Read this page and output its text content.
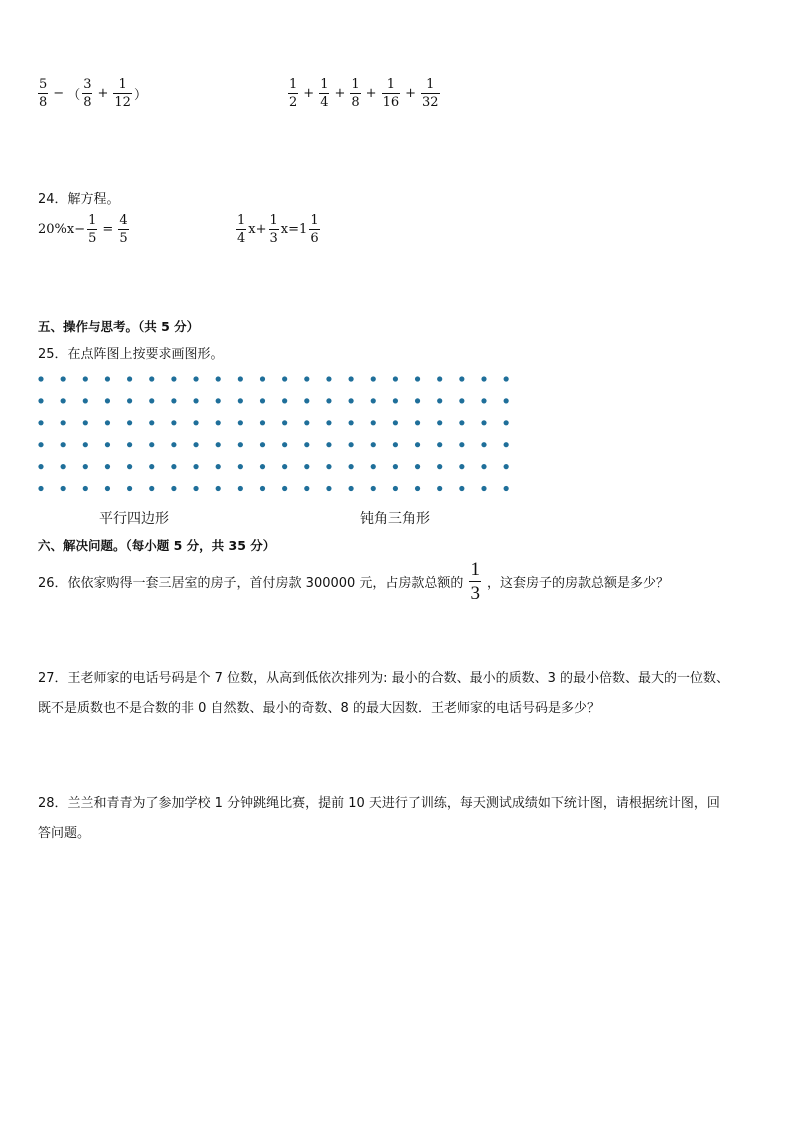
$\frac{5}{8}$ − （ $\frac{3}{8} + \frac{1}{12}$ ）	$\frac{1}{2} + \frac{1}{4} + \frac{1}{8} + \frac{1}{16} + \frac{1}{32}$
24．解方程。
$20\%x- \frac{1}{5} = \frac{4}{5}$	$\frac{1}{4} x+ \frac{1}{3} x= 1 \frac{1}{6}$
五、操作与思考。（共 5 分）
25．在点阵图上按要求画图形。
平行四边形	钝角三角形
六、解决问题。（每小题 5 分，共 35 分）
26．依依家购得一套三居室的房子，首付房款 300000 元，占房款总额的 $\frac{1}{3}$ ，这套房子的房款总额是多少？
27．王老师家的电话号码是个 7 位数，从高到低依次排列为: 最小的合数、最小的质数、3 的最小倍数、最大的一位数、
既不是质数也不是合数的非 0 自然数、最小的奇数、8 的最大因数．王老师家的电话号码是多少？
28．兰兰和青青为了参加学校 1 分钟跳绳比赛，提前 10 天进行了训练，每天测试成绩如下统计图，请根据统计图，回
答问题。
